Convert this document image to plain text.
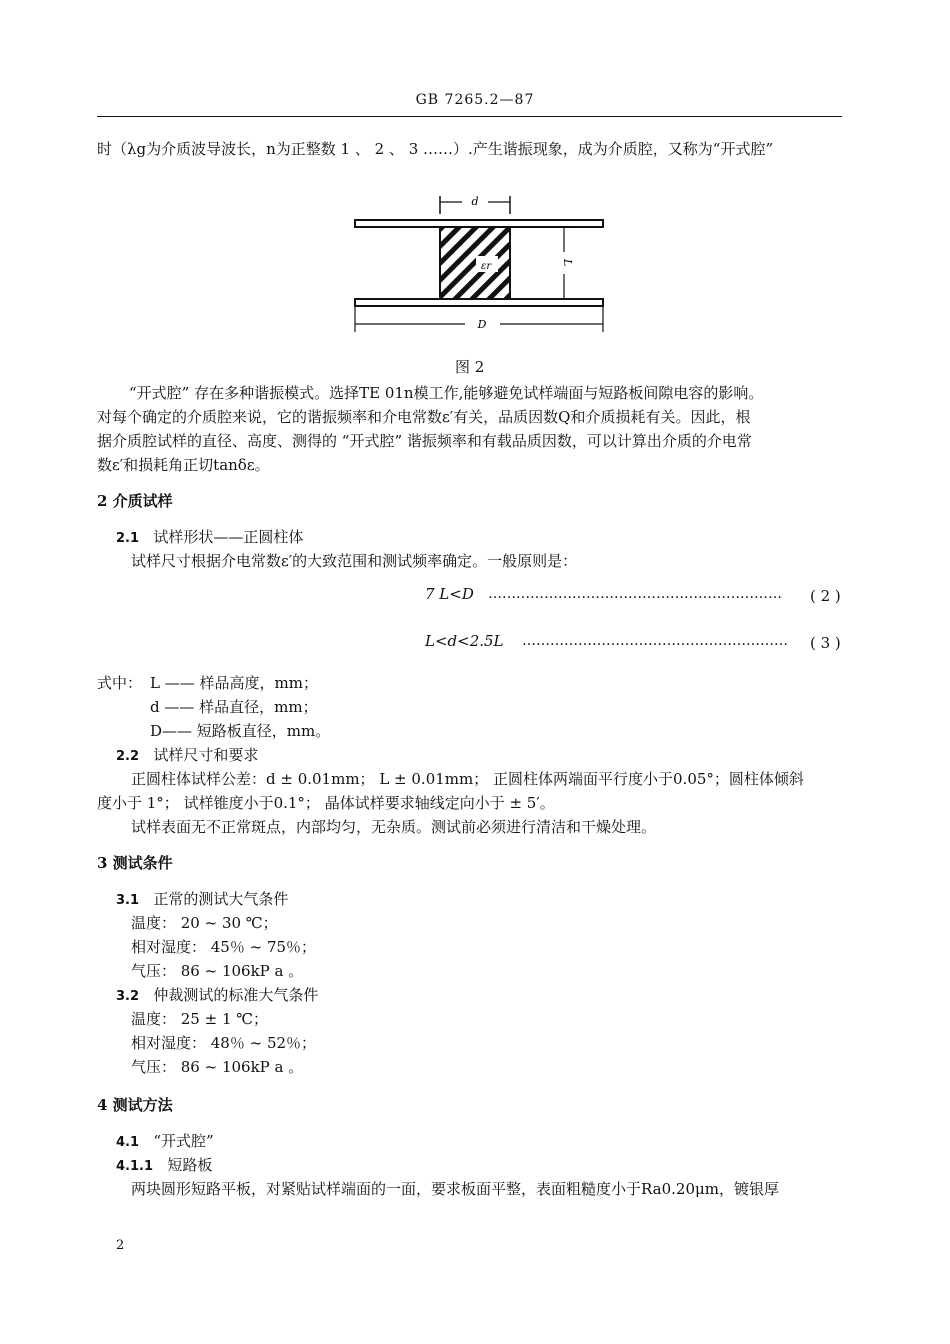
GB 7265.2—87
时（λg为介质波导波长，n为正整数 1 、 2 、 3 ……）.产生谐振现象，成为介质腔，又称为“开式腔”
d
εr	L
D
图 2
“开式腔” 存在多种谐振模式。选择TE 01n模工作,能够避免试样端面与短路板间隙电容的影响。
对每个确定的介质腔来说，它的谐振频率和介电常数ε′有关，品质因数Q和介质损耗有关。因此，根
据介质腔试样的直径、高度、测得的 “开式腔” 谐振频率和有载品质因数，可以计算出介质的介电常
数ε′和损耗角正切tanδε。
2 介质试样
2.1 试样形状——正圆柱体
试样尺寸根据介电常数ε′的大致范围和测试频率确定。一般原则是：
7 L<D ………………………………………………………	( 2 )
L<d<2.5L …………………………………………………	( 3 )
式中： L —— 样品高度，mm；
d —— 样品直径，mm；
D—— 短路板直径，mm。
2.2 试样尺寸和要求
正圆柱体试样公差：d ± 0.01mm； L ± 0.01mm； 正圆柱体两端面平行度小于0.05°；圆柱体倾斜
度小于 1°； 试样锥度小于0.1°； 晶体试样要求轴线定向小于 ± 5′。
试样表面无不正常斑点，内部均匀，无杂质。测试前必须进行清洁和干燥处理。
3 测试条件
3.1 正常的测试大气条件
温度： 20 ~ 30 ℃；
相对湿度： 45％ ~ 75％；
气压： 86 ~ 106kP a 。
3.2 仲裁测试的标准大气条件
温度： 25 ± 1 ℃；
相对湿度： 48％ ~ 52％；
气压： 86 ~ 106kP a 。
4 测试方法
4.1 “开式腔”
4.1.1 短路板
两块圆形短路平板，对紧贴试样端面的一面，要求板面平整，表面粗糙度小于Ra0.20μm，镀银厚
2
